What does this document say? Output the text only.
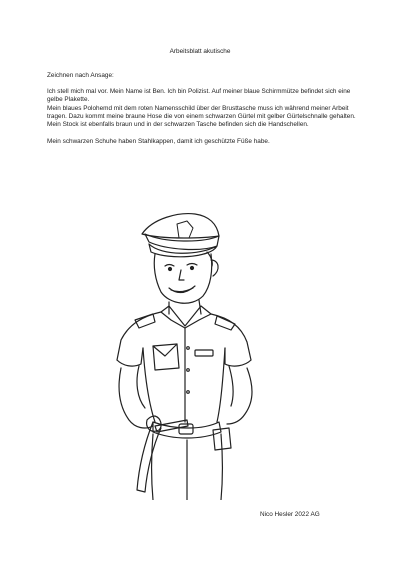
Arbeitsblatt akutische
Zeichnen nach Ansage:

Ich stell mich mal vor. Mein Name ist Ben. Ich bin Polizist. Auf meiner blaue Schirmmütze befindet sich eine gelbe Plakette.

Mein blaues Polohemd mit dem roten Namensschild über der Brusttasche muss ich während meiner Arbeit tragen. Dazu kommt meine braune Hose die von einem schwarzen Gürtel mit gelber Gürtelschnalle gehalten.

Mein Stock ist ebenfalls braun und in der schwarzen Tasche befinden sich die Handschellen.

Mein schwarzen Schuhe haben Stahlkappen, damit ich geschützte Füße habe.

Nico Hesler 2022 AG
